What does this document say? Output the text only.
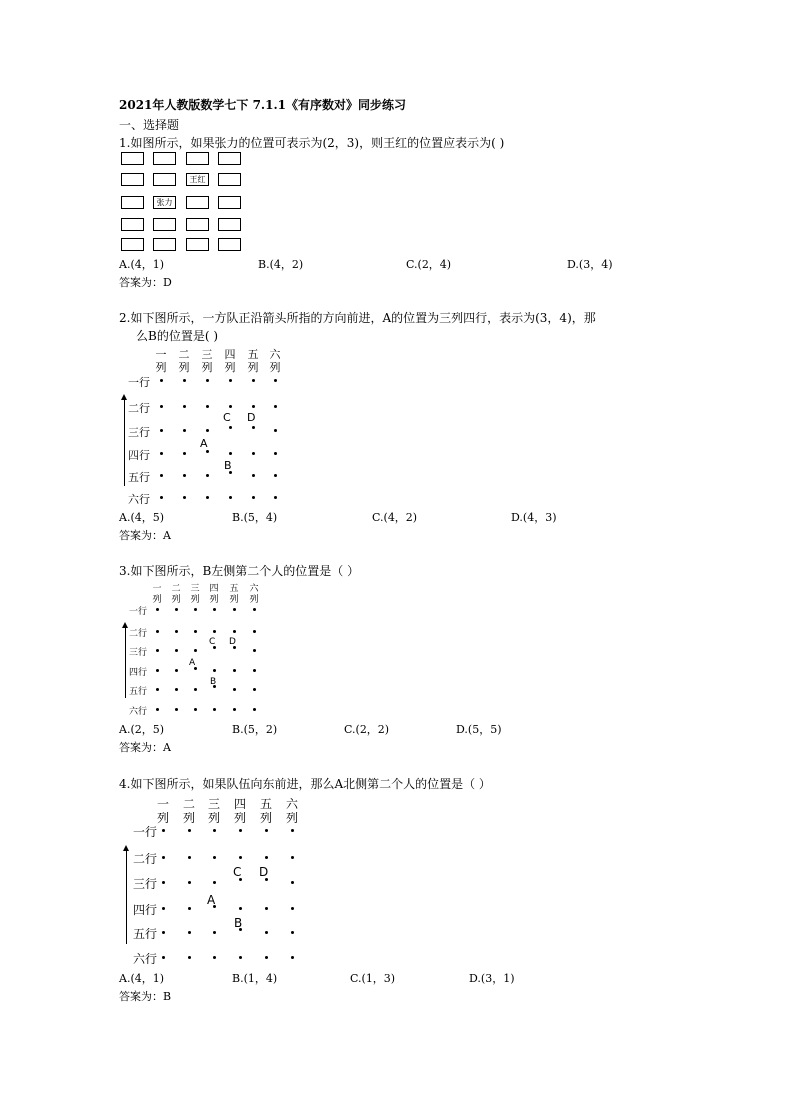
2021年人教版数学七下 7.1.1《有序数对》同步练习
一、选择题
1.如图所示，如果张力的位置可表示为(2，3)，则王红的位置应表示为( )
王红
张力
A.(4，1)	B.(4，2)	C.(2，4)	D.(3，4)
答案为：D
2.如下图所示，一方队正沿箭头所指的方向前进，A的位置为三列四行，表示为(3，4)，那
么B的位置是( )
一
列
二
列
三
列
四
列
五
列
六
列
一行
二行
三行
四行
五行
六行
A
B
C D
A.(4，5)	B.(5，4)	C.(4，2)	D.(4，3)
答案为：A
3.如下图所示，B左侧第二个人的位置是（ ）
一
列
二
列
三
列
四
列
五
列
六
列
一行
二行
三行
四行
五行
六行
A
B
C D
A.(2，5)	B.(5，2)	C.(2，2)	D.(5，5)
答案为：A
4.如下图所示，如果队伍向东前进，那么A北侧第二个人的位置是（ ）
一
列
二
列
三
列
四
列
五
列
六
列
一行
二行
三行
四行
五行
六行
A
B
C D
A.(4，1)	B.(1，4)	C.(1，3)	D.(3，1)
答案为：B
